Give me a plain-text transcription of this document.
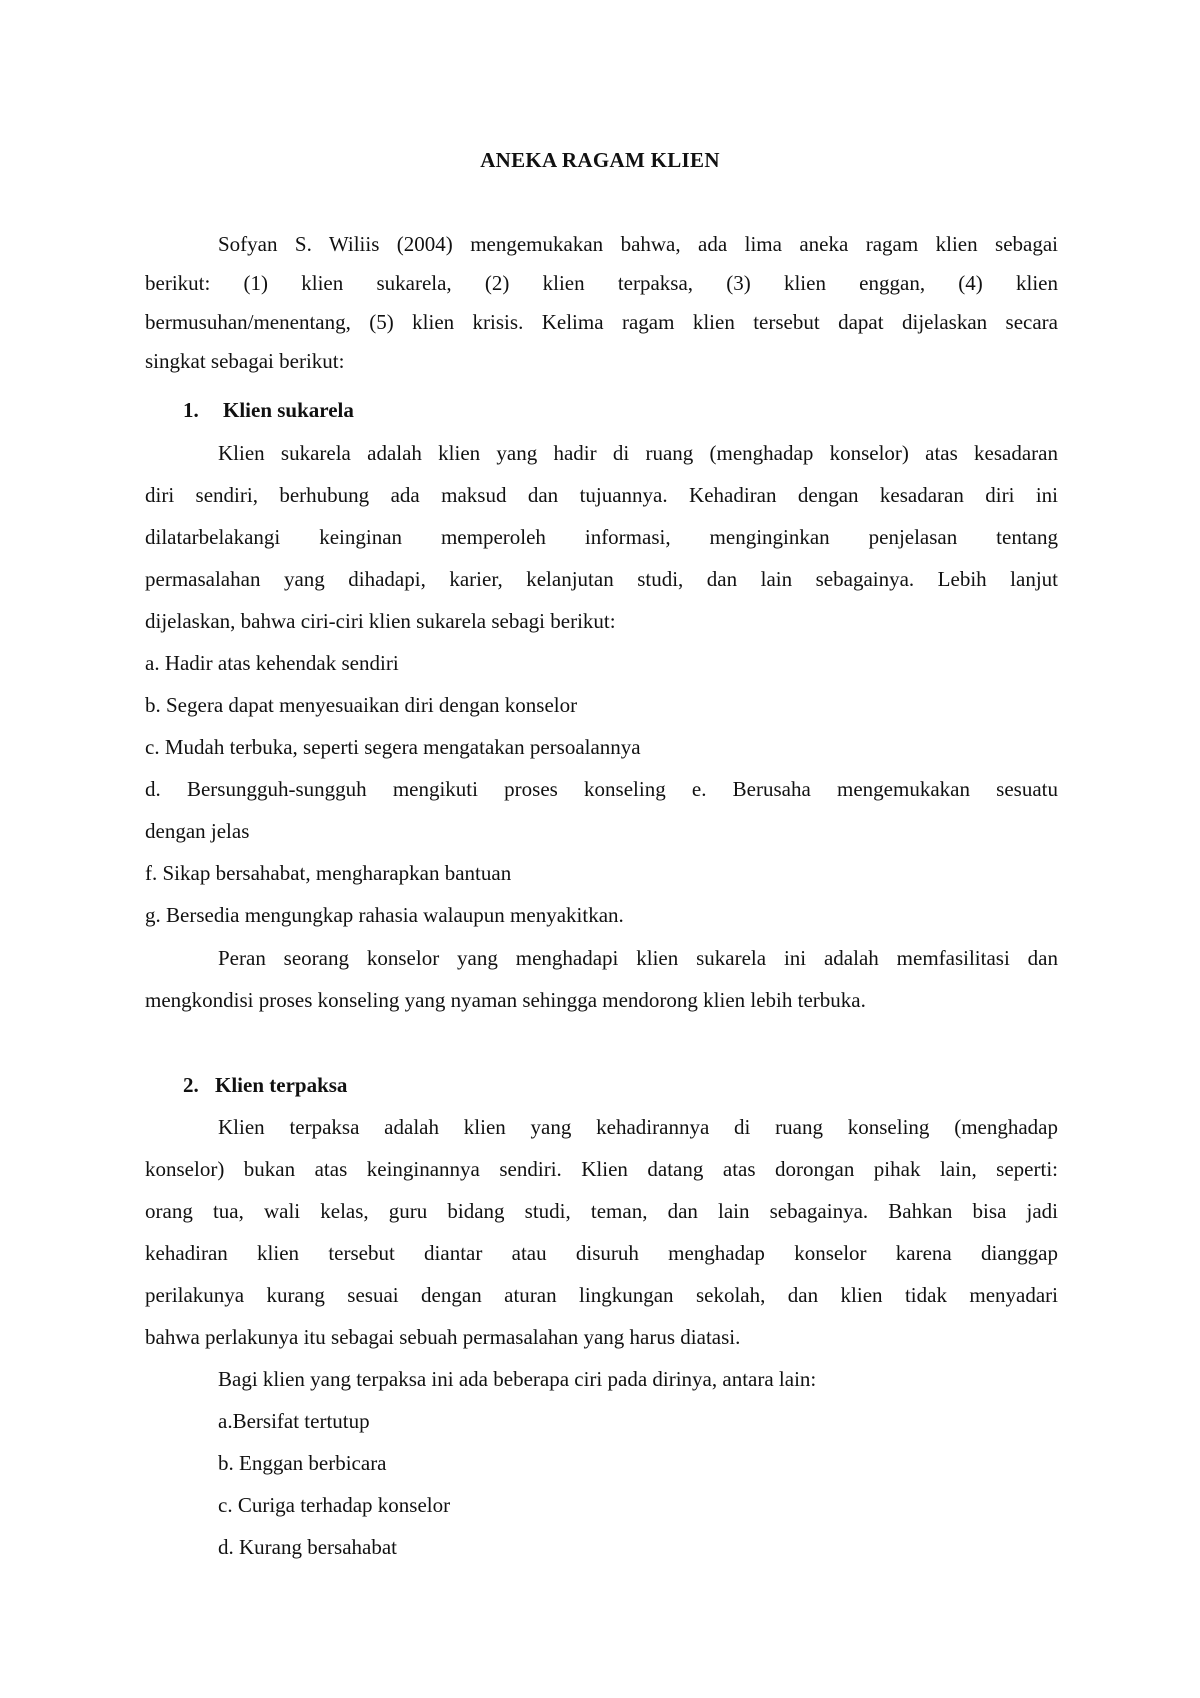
ANEKA RAGAM KLIEN
Sofyan S. Wiliis (2004) mengemukakan bahwa, ada lima aneka ragam klien sebagai
berikut: (1) klien sukarela, (2) klien terpaksa, (3) klien enggan, (4) klien
bermusuhan/menentang, (5) klien krisis. Kelima ragam klien tersebut dapat dijelaskan secara
singkat sebagai berikut:
1. Klien sukarela
Klien sukarela adalah klien yang hadir di ruang (menghadap konselor) atas kesadaran
diri sendiri, berhubung ada maksud dan tujuannya. Kehadiran dengan kesadaran diri ini
dilatarbelakangi keinginan memperoleh informasi, menginginkan penjelasan tentang
permasalahan yang dihadapi, karier, kelanjutan studi, dan lain sebagainya. Lebih lanjut
dijelaskan, bahwa ciri-ciri klien sukarela sebagi berikut:
a. Hadir atas kehendak sendiri
b. Segera dapat menyesuaikan diri dengan konselor
c. Mudah terbuka, seperti segera mengatakan persoalannya
d. Bersungguh-sungguh mengikuti proses konseling e. Berusaha mengemukakan sesuatu
dengan jelas
f. Sikap bersahabat, mengharapkan bantuan
g. Bersedia mengungkap rahasia walaupun menyakitkan.
Peran seorang konselor yang menghadapi klien sukarela ini adalah memfasilitasi dan
mengkondisi proses konseling yang nyaman sehingga mendorong klien lebih terbuka.
2. Klien terpaksa
Klien terpaksa adalah klien yang kehadirannya di ruang konseling (menghadap
konselor) bukan atas keinginannya sendiri. Klien datang atas dorongan pihak lain, seperti:
orang tua, wali kelas, guru bidang studi, teman, dan lain sebagainya. Bahkan bisa jadi
kehadiran klien tersebut diantar atau disuruh menghadap konselor karena dianggap
perilakunya kurang sesuai dengan aturan lingkungan sekolah, dan klien tidak menyadari
bahwa perlakunya itu sebagai sebuah permasalahan yang harus diatasi.
Bagi klien yang terpaksa ini ada beberapa ciri pada dirinya, antara lain:
a.Bersifat tertutup
b. Enggan berbicara
c. Curiga terhadap konselor
d. Kurang bersahabat
